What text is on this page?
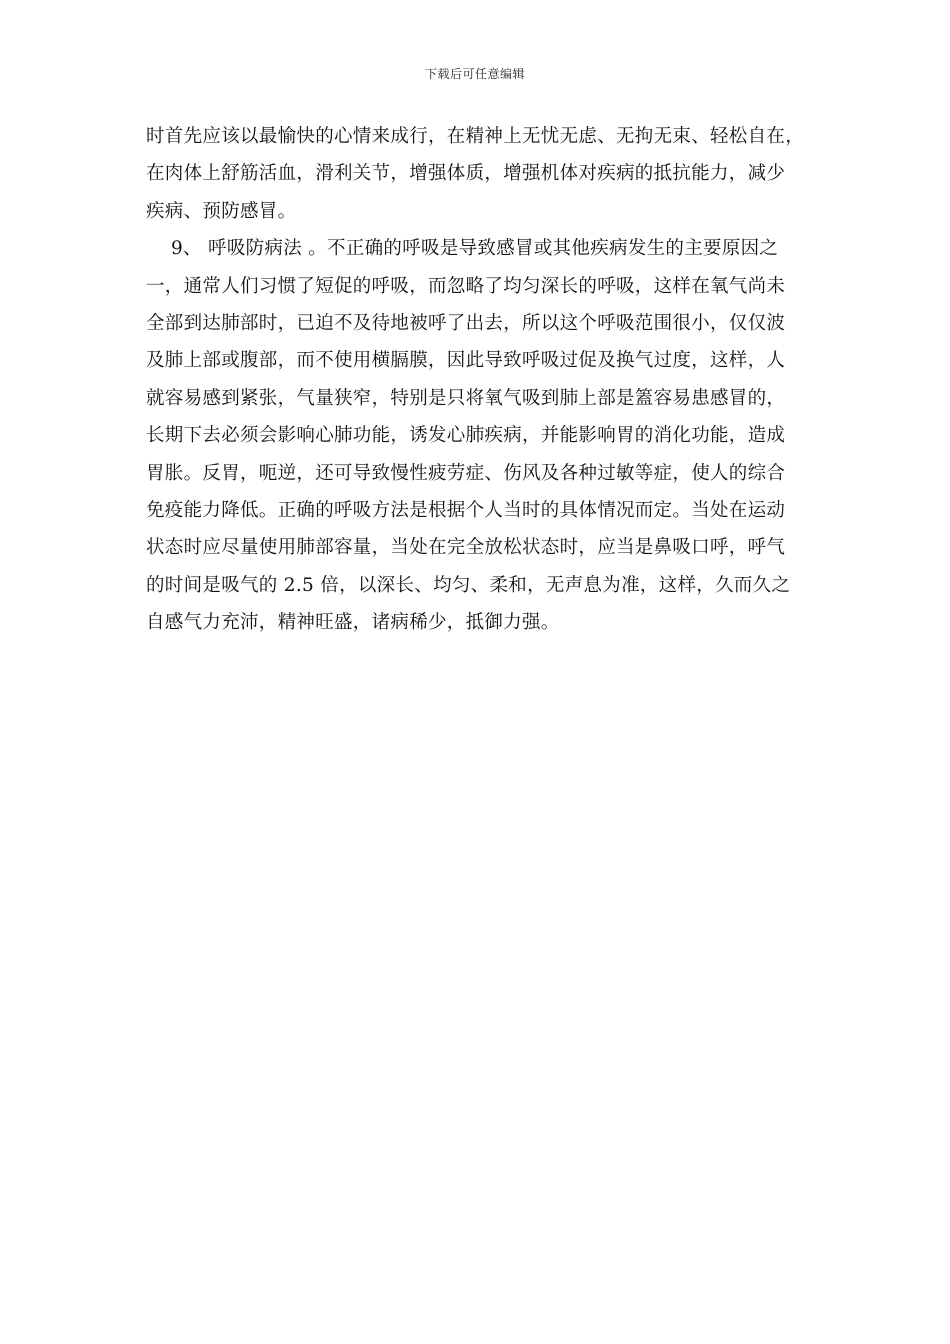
下载后可任意编辑
时首先应该以最愉快的心情来成行，在精神上无忧无虑、无拘无束、轻松自在，
在肉体上舒筋活血，滑利关节，增强体质，增强机体对疾病的抵抗能力，减少
疾病、预防感冒。
　 9、 呼吸防病法 。不正确的呼吸是导致感冒或其他疾病发生的主要原因之
一，通常人们习惯了短促的呼吸，而忽略了均匀深长的呼吸，这样在氧气尚未
全部到达肺部时，已迫不及待地被呼了出去，所以这个呼吸范围很小，仅仅波
及肺上部或腹部，而不使用横膈膜，因此导致呼吸过促及换气过度，这样，人
就容易感到紧张，气量狭窄，特别是只将氧气吸到肺上部是篕容易患感冒的，
长期下去必须会影响心肺功能，诱发心肺疾病，并能影响胃的消化功能，造成
胃胀。反胃，呃逆，还可导致慢性疲劳症、伤风及各种过敏等症，使人的综合
免疫能力降低。正确的呼吸方法是根据个人当时的具体情况而定。当处在运动
状态时应尽量使用肺部容量，当处在完全放松状态时，应当是鼻吸口呼，呼气
的时间是吸气的 2.5 倍，以深长、均匀、柔和，无声息为准，这样，久而久之
自感气力充沛，精神旺盛，诸病稀少，抵御力强。
